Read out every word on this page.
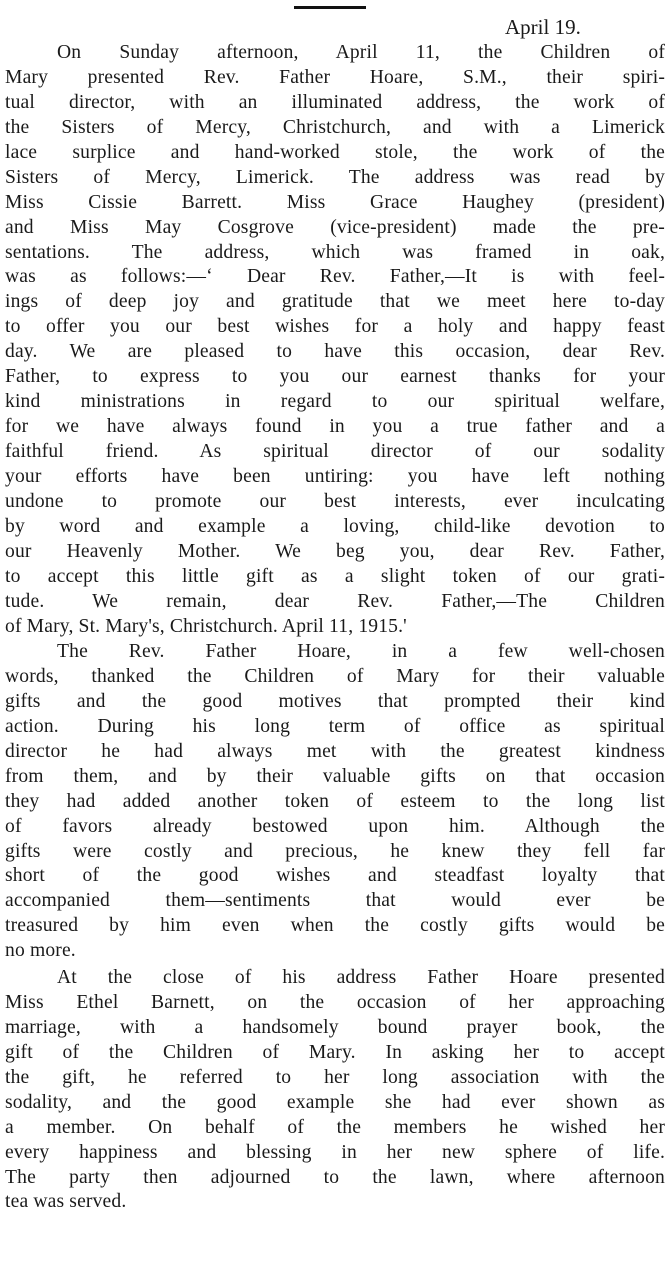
April 19.
On Sunday afternoon, April 11, the Children of
Mary presented Rev. Father Hoare, S.M., their spiri-
tual director, with an illuminated address, the work of
the Sisters of Mercy, Christchurch, and with a Limerick
lace surplice and hand-worked stole, the work of the
Sisters of Mercy, Limerick. The address was read by
Miss Cissie Barrett. Miss Grace Haughey (president)
and Miss May Cosgrove (vice-president) made the pre-
sentations. The address, which was framed in oak,
was as follows:—‘ Dear Rev. Father,—It is with feel-
ings of deep joy and gratitude that we meet here to-day
to offer you our best wishes for a holy and happy feast
day. We are pleased to have this occasion, dear Rev.
Father, to express to you our earnest thanks for your
kind ministrations in regard to our spiritual welfare,
for we have always found in you a true father and a
faithful friend. As spiritual director of our sodality
your efforts have been untiring: you have left nothing
undone to promote our best interests, ever inculcating
by word and example a loving, child-like devotion to
our Heavenly Mother. We beg you, dear Rev. Father,
to accept this little gift as a slight token of our grati-
tude. We remain, dear Rev. Father,—The Children
of Mary, St. Mary's, Christchurch. April 11, 1915.'
The Rev. Father Hoare, in a few well-chosen
words, thanked the Children of Mary for their valuable
gifts and the good motives that prompted their kind
action. During his long term of office as spiritual
director he had always met with the greatest kindness
from them, and by their valuable gifts on that occasion
they had added another token of esteem to the long list
of favors already bestowed upon him. Although the
gifts were costly and precious, he knew they fell far
short of the good wishes and steadfast loyalty that
accompanied them—sentiments that would ever be
treasured by him even when the costly gifts would be
no more.
At the close of his address Father Hoare presented
Miss Ethel Barnett, on the occasion of her approaching
marriage, with a handsomely bound prayer book, the
gift of the Children of Mary. In asking her to accept
the gift, he referred to her long association with the
sodality, and the good example she had ever shown as
a member. On behalf of the members he wished her
every happiness and blessing in her new sphere of life.
The party then adjourned to the lawn, where afternoon
tea was served.
